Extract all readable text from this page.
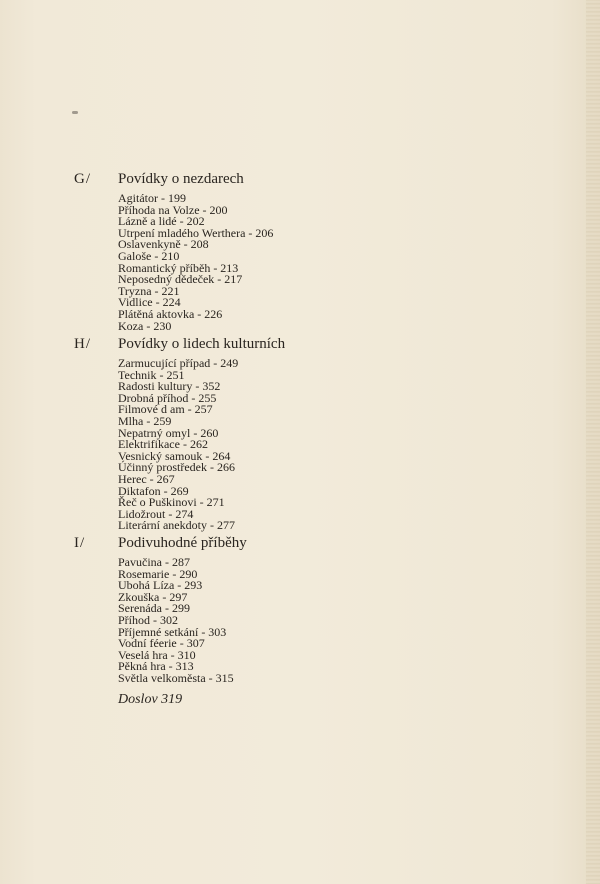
G/ Povídky o nezdarech
Agitátor - 199
Příhoda na Volze - 200
Lázně a lidé - 202
Utrpení mladého Werthera - 206
Oslavenkyně - 208
Galoše - 210
Romantický příběh - 213
Neposedný dědeček - 217
Tryzna - 221
Vidlice - 224
Plátěná aktovka - 226
Koza - 230
H/ Povídky o lidech kulturních
Zarmucující případ - 249
Technik - 251
Radosti kultury - 352
Drobná příhod - 255
Filmové d am - 257
Mlha - 259
Nepatrný omyl - 260
Elektrifikace - 262
Vesnický samouk - 264
Účinný prostředek - 266
Herec - 267
Diktafon - 269
Řeč o Puškinovi - 271
Lidožrout - 274
Literární anekdoty - 277
I/ Podivuhodné příběhy
Pavučina - 287
Rosemarie - 290
Ubohá Líza - 293
Zkouška - 297
Serenáda - 299
Příhod - 302
Příjemné setkání - 303
Vodní féerie - 307
Veselá hra - 310
Pěkná hra - 313
Světla velkoměsta - 315
Doslov 319
